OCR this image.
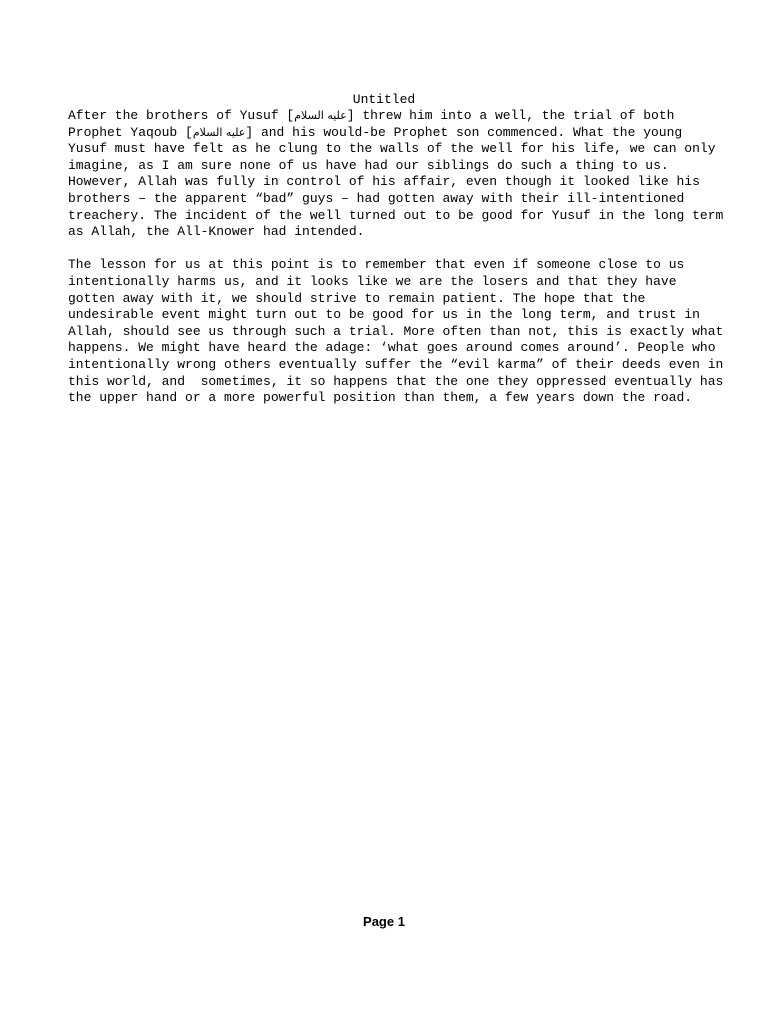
Untitled
After the brothers of Yusuf [عليه السلام] threw him into a well, the trial of both
Prophet Yaqoub [عليه السلام] and his would-be Prophet son commenced. What the young
Yusuf must have felt as he clung to the walls of the well for his life, we can only
imagine, as I am sure none of us have had our siblings do such a thing to us.
However, Allah was fully in control of his affair, even though it looked like his
brothers – the apparent “bad” guys – had gotten away with their ill-intentioned
treachery. The incident of the well turned out to be good for Yusuf in the long term
as Allah, the All-Knower had intended.
The lesson for us at this point is to remember that even if someone close to us
intentionally harms us, and it looks like we are the losers and that they have
gotten away with it, we should strive to remain patient. The hope that the
undesirable event might turn out to be good for us in the long term, and trust in
Allah, should see us through such a trial. More often than not, this is exactly what
happens. We might have heard the adage: ‘what goes around comes around’. People who
intentionally wrong others eventually suffer the “evil karma” of their deeds even in
this world, and  sometimes, it so happens that the one they oppressed eventually has
the upper hand or a more powerful position than them, a few years down the road.
Page 1
